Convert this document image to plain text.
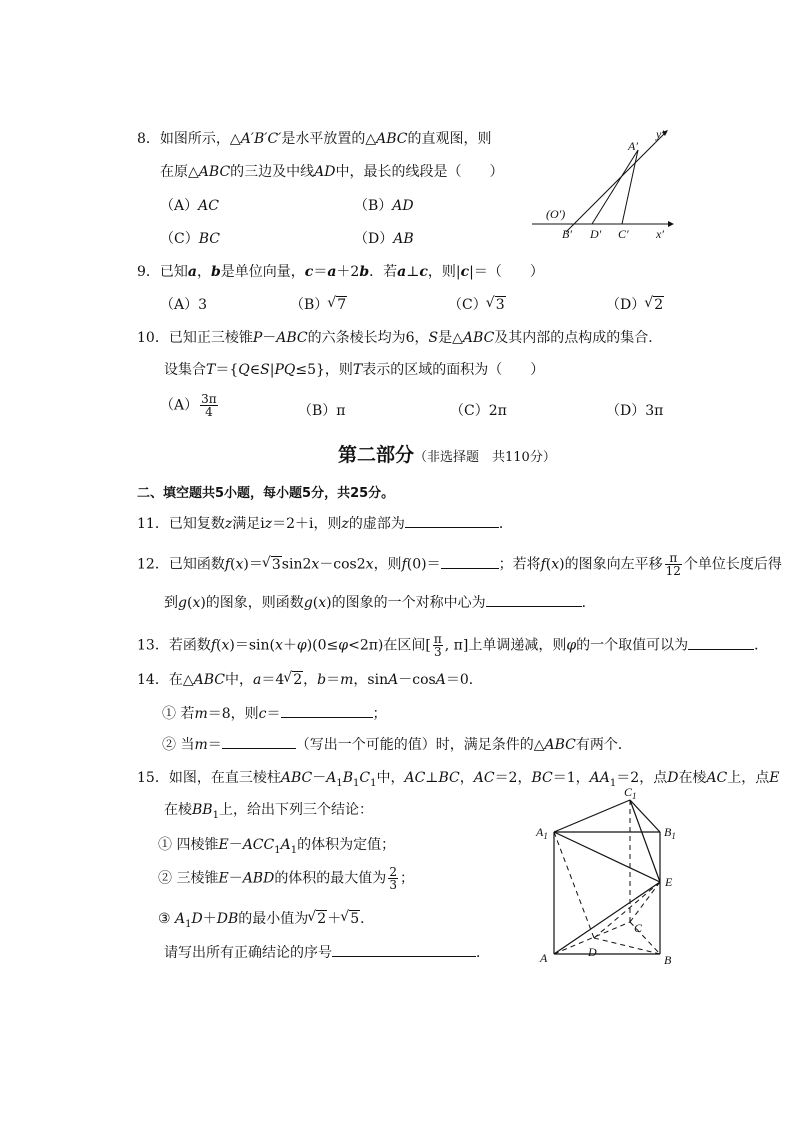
8．如图所示，△A′B′C′是水平放置的△ABC的直观图，则
在原△ABC的三边及中线AD中，最长的线段是（　　）
（A）AC	（B）AD
（C）BC	（D）AB
A′
y′
(O′)
B′ D′ C′ x′
9．已知a，b是单位向量，c＝a＋2b．若a⊥c，则|c|＝（　　）
（A）3	（B） √ 7	（C） √ 3	（D） √ 2
10．已知正三棱锥P－ABC的六条棱长均为6，S是△ABC及其内部的点构成的集合．
设集合T＝{Q∈S|PQ≤5}，则T表示的区域的面积为（　　）
$(A) \frac{3\pi}{4}$	（B）π	（C）2π	（D）3π
第二部分（非选择题　共110分）
二、填空题共5小题，每小题5分，共25分。
11．已知复数z满足iz＝2＋i，则z的虚部为	．
12．已知函数f(x)＝ √ 3sin2x－cos2x，则f(0)＝	；若将f(x)的图象向左平移 $\frac{\pi}{12}$ 个单位长度后得
到g(x)的图象，则函数g(x)的图象的一个对称中心为	．
13．若函数f(x)＝sin(x＋φ)(0≤φ<2π)在区间[ $\frac{\pi}{3}$ , π]上单调递减，则φ的一个取值可以为	．
14．在△ABC中，a＝4 √ 2，b＝m，sinA－cosA＝0．
① 若m＝8，则c＝	；
② 当m＝	（写出一个可能的值）时，满足条件的△ABC有两个．
15．如图，在直三棱柱$ABC-A_1B_1C_1$中，AC⊥BC，AC＝2，BC＝1，$AA_1=2$，点D在棱AC上，点E
在棱$BB_1$上，给出下列三个结论：
① 四棱锥$E-ACC_1A_1$的体积为定值；
② 三棱锥E－ABD的体积的最大值为 $\frac{2}{3}$ ；
③ $A_1D+DB$的最小值为 √ 2＋ √ 5．
请写出所有正确结论的序号	．
$C_1$
$A_1$	$B_1$
E
C
A	D
B
